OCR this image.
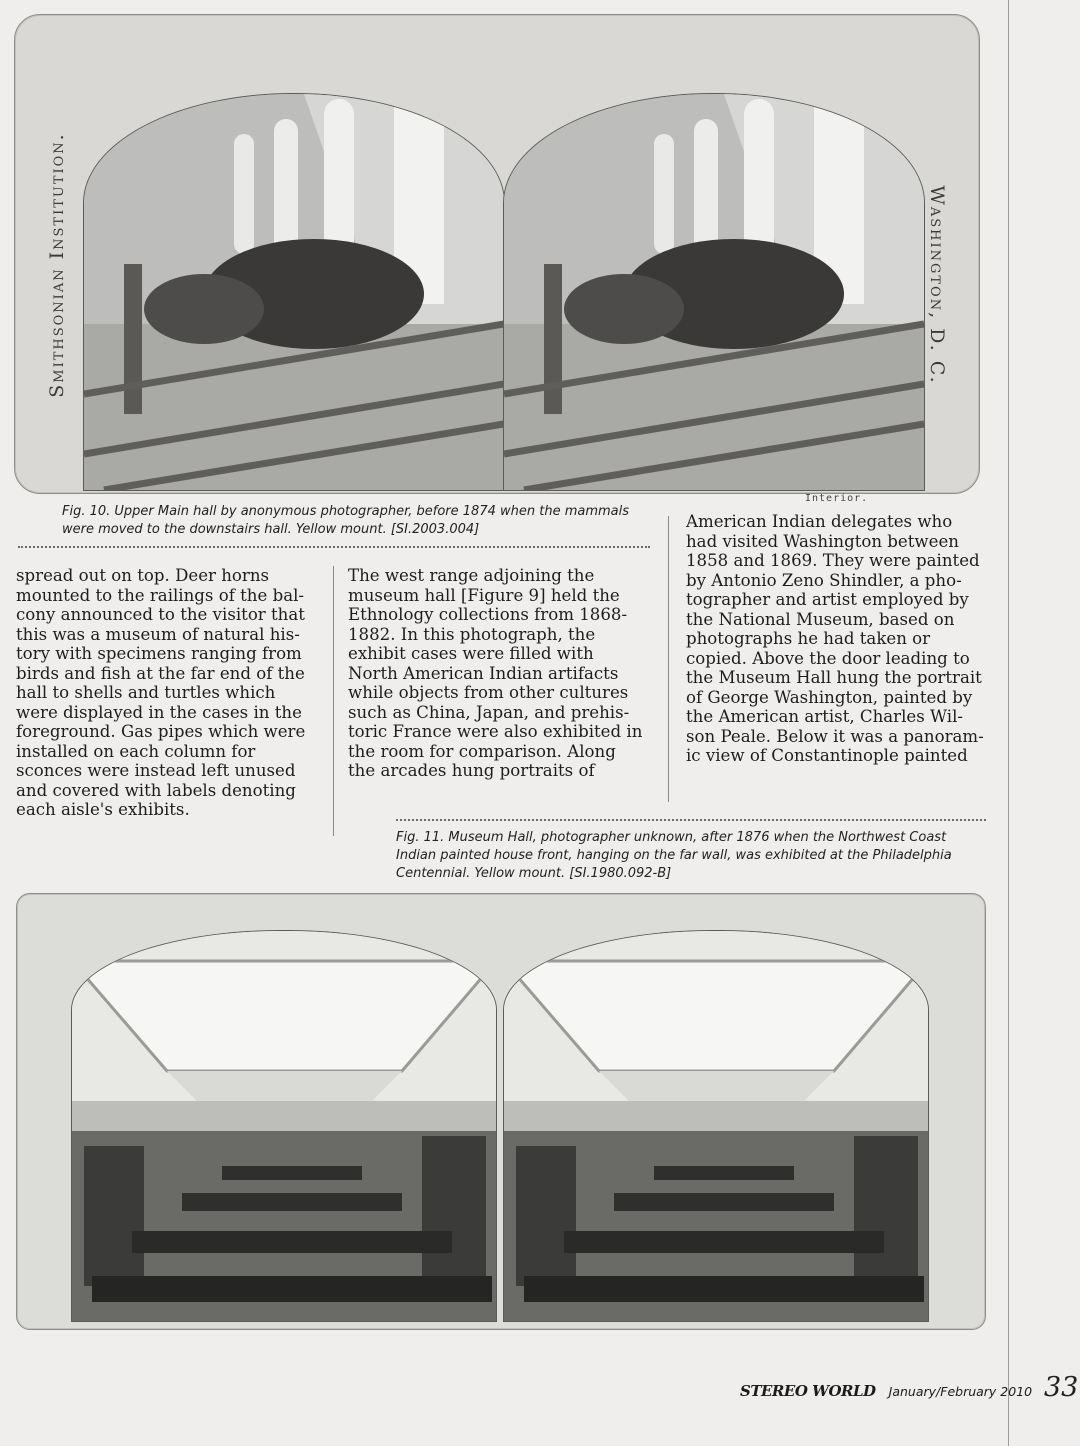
Smithsonian Institution.	Washington, D. C.
Interior.
Fig. 10. Upper Main hall by anonymous photographer, before 1874 when the mammals were moved to the downstairs hall. Yellow mount. [SI.2003.004]
spread out on top. Deer horns
mounted to the railings of the bal-
cony announced to the visitor that
this was a museum of natural his-
tory with specimens ranging from
birds and fish at the far end of the
hall to shells and turtles which
were displayed in the cases in the
foreground. Gas pipes which were
installed on each column for
sconces were instead left unused
and covered with labels denoting
each aisle's exhibits.
The west range adjoining the
museum hall [Figure 9] held the
Ethnology collections from 1868-
1882. In this photograph, the
exhibit cases were filled with
North American Indian artifacts
while objects from other cultures
such as China, Japan, and prehis-
toric France were also exhibited in
the room for comparison. Along
the arcades hung portraits of
American Indian delegates who
had visited Washington between
1858 and 1869. They were painted
by Antonio Zeno Shindler, a pho-
tographer and artist employed by
the National Museum, based on
photographs he had taken or
copied. Above the door leading to
the Museum Hall hung the portrait
of George Washington, painted by
the American artist, Charles Wil-
son Peale. Below it was a panoram-
ic view of Constantinople painted
Fig. 11. Museum Hall, photographer unknown, after 1876 when the Northwest Coast Indian painted house front, hanging on the far wall, was exhibited at the Philadelphia Centennial. Yellow mount. [SI.1980.092-B]
STEREO WORLD January/February 2010 33
